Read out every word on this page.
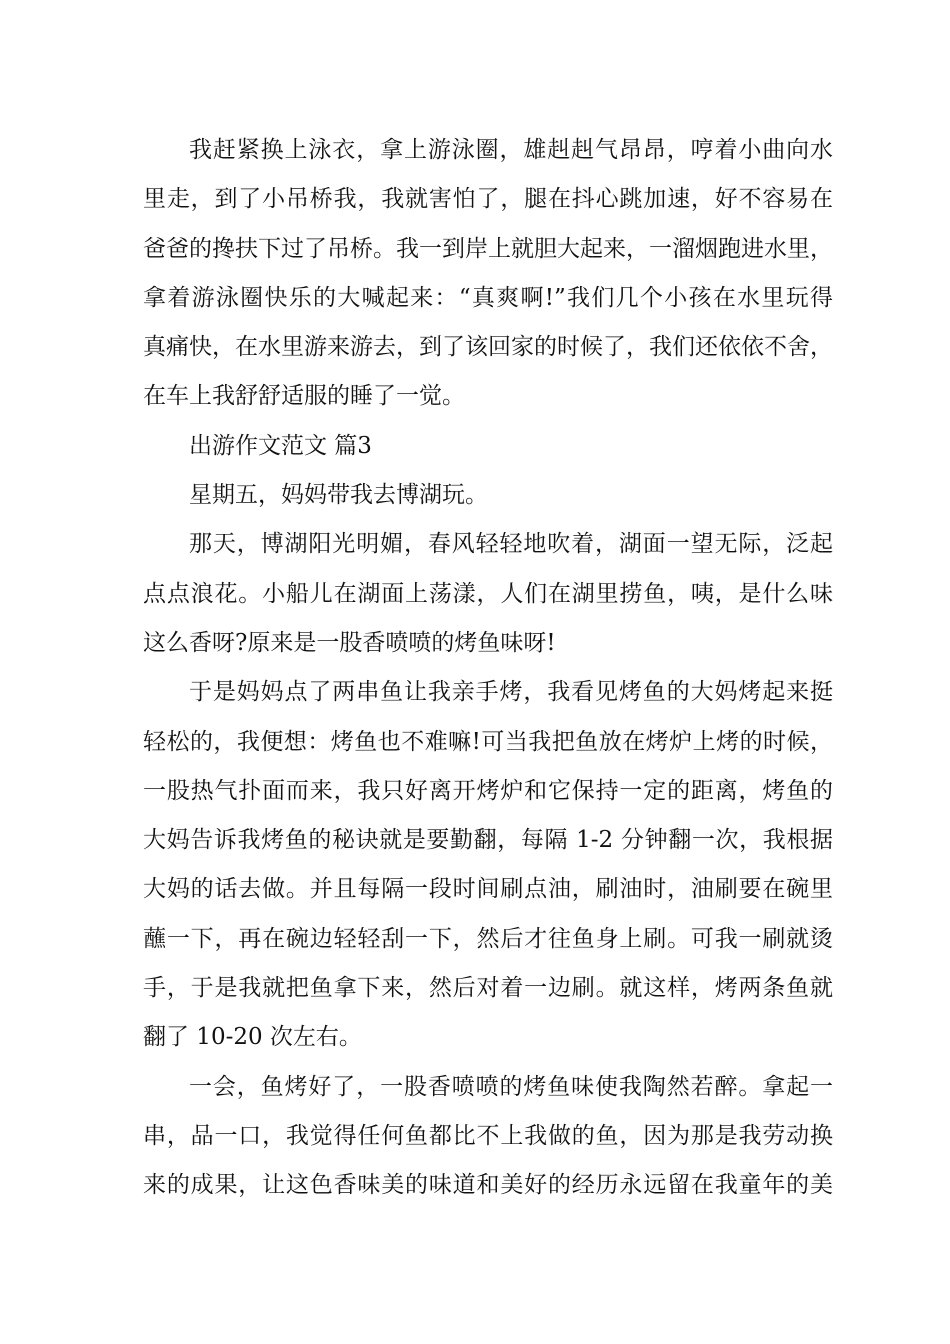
我赶紧换上泳衣，拿上游泳圈，雄赳赳气昂昂，哼着小曲向水
里走，到了小吊桥我，我就害怕了，腿在抖心跳加速，好不容易在
爸爸的搀扶下过了吊桥。我一到岸上就胆大起来，一溜烟跑进水里，
拿着游泳圈快乐的大喊起来：“真爽啊!”我们几个小孩在水里玩得
真痛快，在水里游来游去，到了该回家的时候了，我们还依依不舍，
在车上我舒舒适服的睡了一觉。
出游作文范文 篇3
星期五，妈妈带我去博湖玩。
那天，博湖阳光明媚，春风轻轻地吹着，湖面一望无际，泛起
点点浪花。小船儿在湖面上荡漾，人们在湖里捞鱼，咦，是什么味
这么香呀?原来是一股香喷喷的烤鱼味呀!
于是妈妈点了两串鱼让我亲手烤，我看见烤鱼的大妈烤起来挺
轻松的，我便想：烤鱼也不难嘛!可当我把鱼放在烤炉上烤的时候，
一股热气扑面而来，我只好离开烤炉和它保持一定的距离，烤鱼的
大妈告诉我烤鱼的秘诀就是要勤翻，每隔 1-2 分钟翻一次，我根据
大妈的话去做。并且每隔一段时间刷点油，刷油时，油刷要在碗里
蘸一下，再在碗边轻轻刮一下，然后才往鱼身上刷。可我一刷就烫
手，于是我就把鱼拿下来，然后对着一边刷。就这样，烤两条鱼就
翻了 10-20 次左右。
一会，鱼烤好了，一股香喷喷的烤鱼味使我陶然若醉。拿起一
串，品一口，我觉得任何鱼都比不上我做的鱼，因为那是我劳动换
来的成果，让这色香味美的味道和美好的经历永远留在我童年的美
